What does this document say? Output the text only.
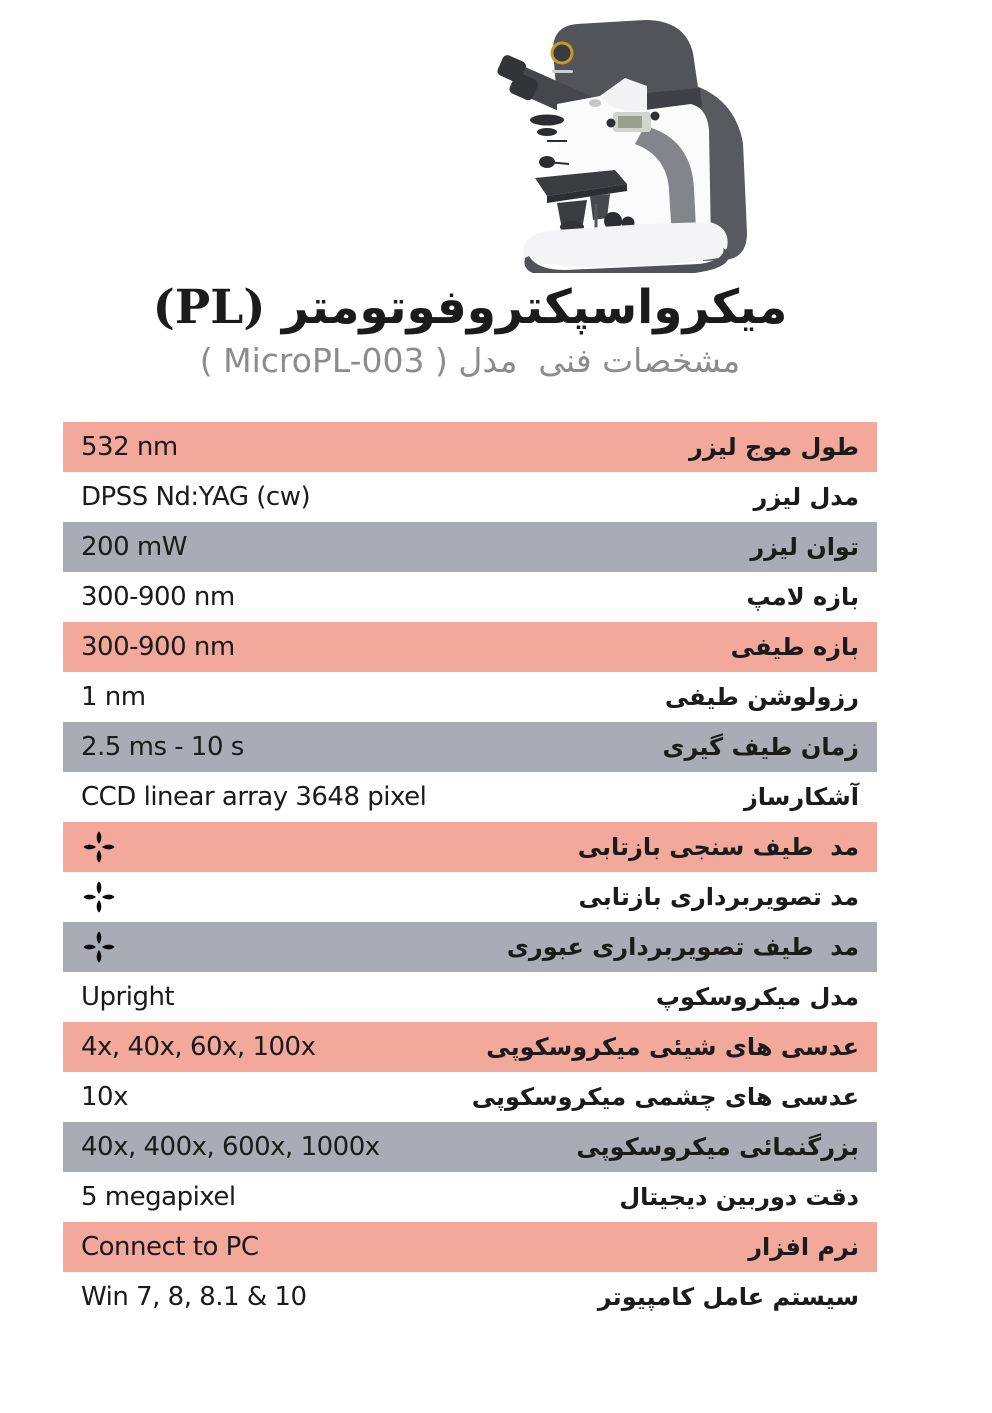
میکرواسپکتروفوتومتر (PL)
مشخصات فنی  مدل ( MicroPL-003 )
532 nm	طول موج لیزر
DPSS Nd:YAG (cw)	مدل لیزر
200 mW	توان لیزر
300-900 nm	بازه لامپ
300-900 nm	بازه طیفی
1 nm	رزولوشن طیفی
2.5 ms - 10 s	زمان طیف گیری
CCD linear array 3648 pixel	آشکارساز
مد  طیف سنجی بازتابی
مد تصویربرداری بازتابی
مد  طیف تصویربرداری عبوری
Upright	مدل میکروسکوپ
4x, 40x, 60x, 100x	عدسی های شیئی میکروسکوپی
10x	عدسی های چشمی میکروسکوپی
40x, 400x, 600x, 1000x	بزرگنمائی میکروسکوپی
5 megapixel	دقت دوربین دیجیتال
Connect to PC	نرم افزار
Win 7, 8, 8.1 & 10	سیستم عامل کامپیوتر
